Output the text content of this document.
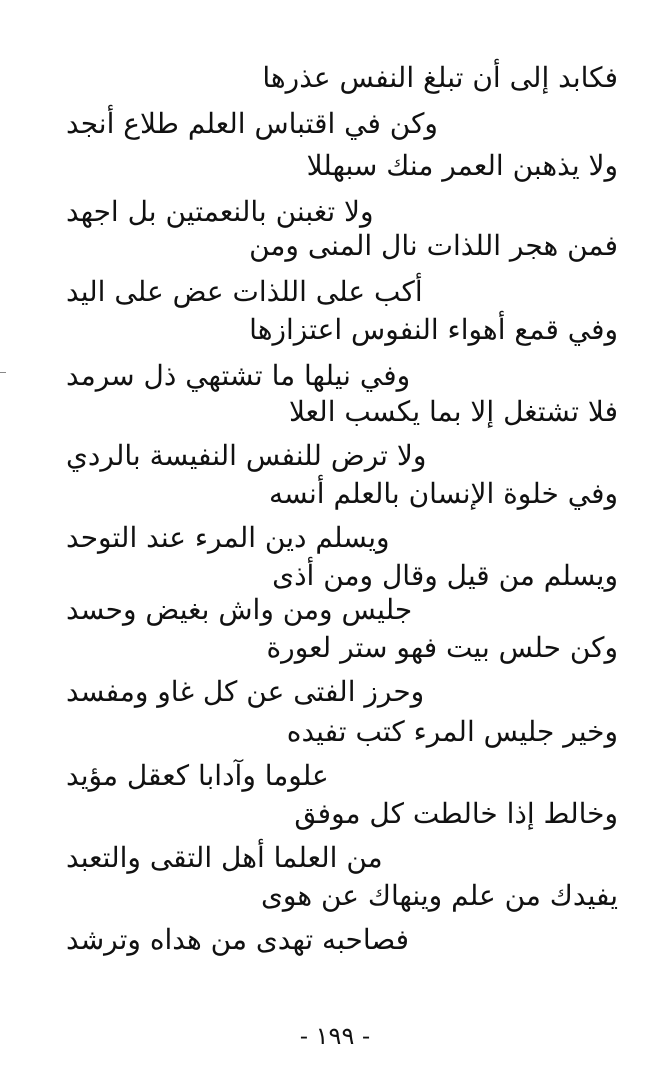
فكابد إلى أن تبلغ النفس عذرها

وكن في اقتباس العلم طلاع أنجد

ولا يذهبن العمر منك سبهللا

ولا تغبنن بالنعمتين بل اجهد

فمن هجر اللذات نال المنى ومن

أكب على اللذات عض على اليد

وفي قمع أهواء النفوس اعتزازها

وفي نيلها ما تشتهي ذل سرمد

فلا تشتغل إلا بما يكسب العلا

ولا ترض للنفس النفيسة بالردي

وفي خلوة الإنسان بالعلم أنسه

ويسلم دين المرء عند التوحد

ويسلم من قيل وقال ومن أذى

جليس ومن واش بغيض وحسد

وكن حلس بيت فهو ستر لعورة

وحرز الفتى عن كل غاو ومفسد

وخير جليس المرء كتب تفيده

علوما وآدابا كعقل مؤيد

وخالط إذا خالطت كل موفق

من العلما أهل التقى والتعبد

يفيدك من علم وينهاك عن هوى

فصاحبه تهدى من هداه وترشد

- ١٩٩ -
